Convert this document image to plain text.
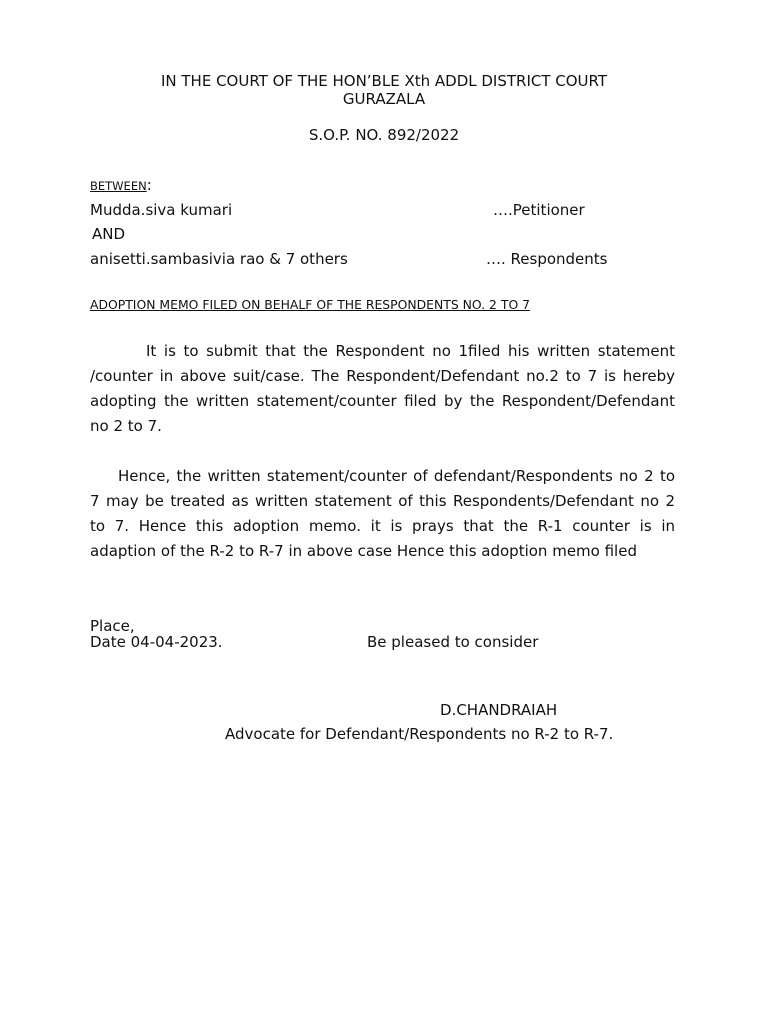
IN THE COURT OF THE HON’BLE Xth ADDL DISTRICT COURT
GURAZALA
S.O.P. NO. 892/2022
BETWEEN:
Mudda.siva kumari	….Petitioner
AND
anisetti.sambasivia rao & 7 others	…. Respondents
ADOPTION MEMO FILED ON BEHALF OF THE RESPONDENTS NO. 2 TO 7
It is to submit that the Respondent no 1filed his written statement /counter in above suit/case. The Respondent/Defendant no.2 to 7 is hereby adopting the written statement/counter filed by the Respondent/Defendant no 2 to 7.
Hence, the written statement/counter of defendant/Respondents no 2 to 7 may be treated as written statement of this Respondents/Defendant no 2 to 7. Hence this adoption memo. it is prays that the R-1 counter is in adaption of the R-2 to R-7 in above case Hence this adoption memo filed
Place,
Date 04-04-2023.	Be pleased to consider
D.CHANDRAIAH
Advocate for Defendant/Respondents no R-2 to R-7.
